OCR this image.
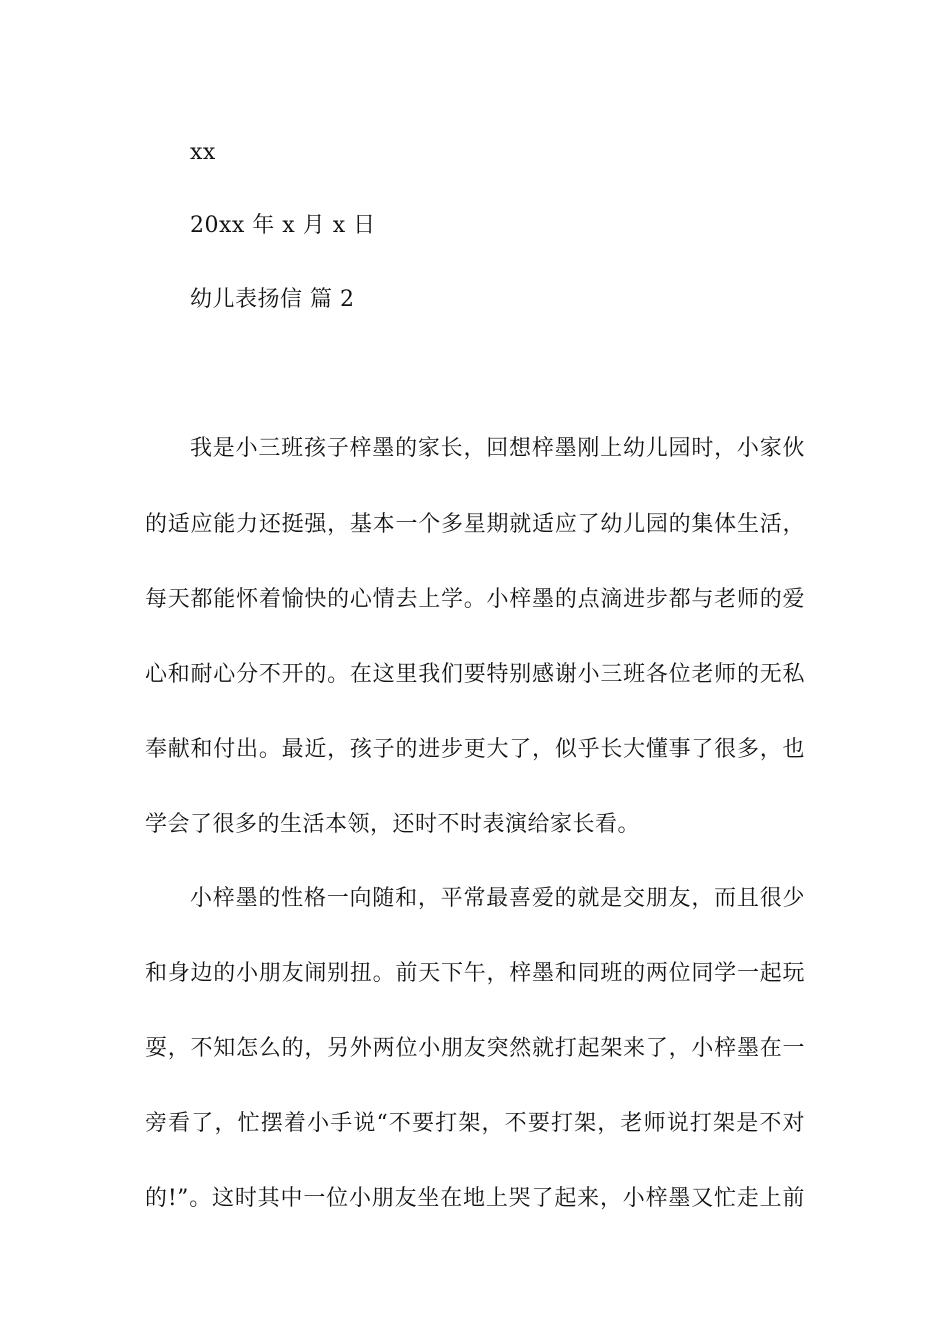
xx
20xx 年 x 月 x 日
幼儿表扬信 篇 2
我是小三班孩子梓墨的家长，回想梓墨刚上幼儿园时，小家伙
的适应能力还挺强，基本一个多星期就适应了幼儿园的集体生活，
每天都能怀着愉快的心情去上学。小梓墨的点滴进步都与老师的爱
心和耐心分不开的。在这里我们要特别感谢小三班各位老师的无私
奉献和付出。最近，孩子的进步更大了，似乎长大懂事了很多，也
学会了很多的生活本领，还时不时表演给家长看。
小梓墨的性格一向随和，平常最喜爱的就是交朋友，而且很少
和身边的小朋友闹别扭。前天下午，梓墨和同班的两位同学一起玩
耍，不知怎么的，另外两位小朋友突然就打起架来了，小梓墨在一
旁看了，忙摆着小手说“不要打架，不要打架，老师说打架是不对
的!”。这时其中一位小朋友坐在地上哭了起来，小梓墨又忙走上前
